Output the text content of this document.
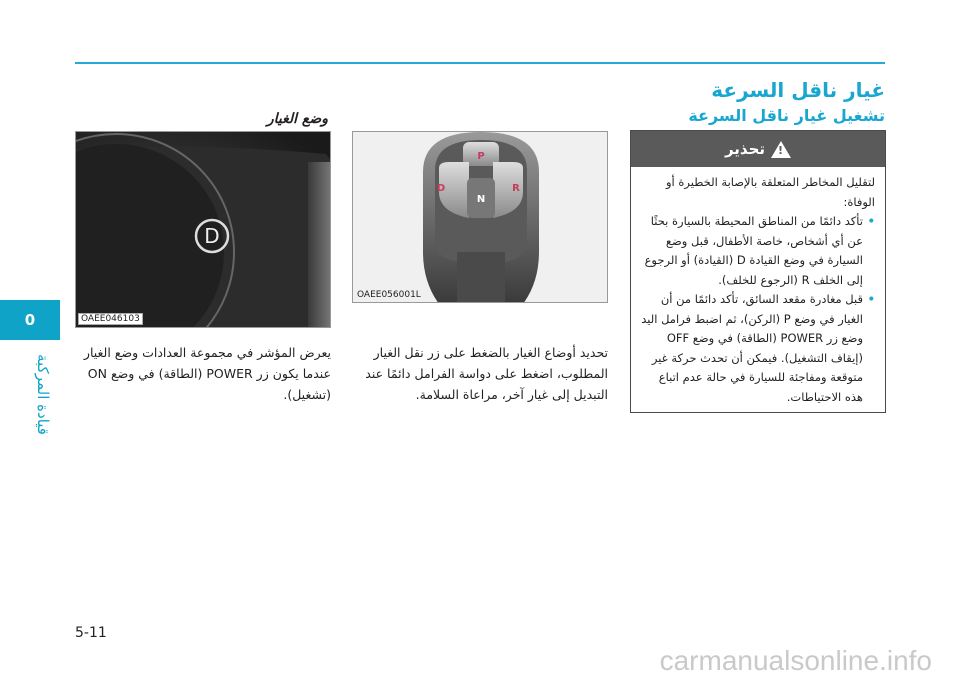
0
قيادة المركبة
غيار ناقل السرعة
تشغيل غيار ناقل السرعة
!
تحذير

لتقليل المخاطر المتعلقة بالإصابة الخطيرة أو الوفاة:

• تأكد دائمًا من المناطق المحيطة بالسيارة بحثًا عن أي أشخاص، خاصة الأطفال، قبل وضع السيارة في وضع القيادة D (القيادة) أو الرجوع إلى الخلف R (الرجوع للخلف).
• قبل مغادرة مقعد السائق، تأكد دائمًا من أن الغيار في وضع P (الركن)، ثم اضبط فرامل اليد وضع زر POWER (الطاقة) في وضع OFF (إيقاف التشغيل). فيمكن أن تحدث حركة غير متوقعة ومفاجئة للسيارة في حالة عدم اتباع هذه الاحتياطات.
وضع الغيار
D
OAEE046103
P
D
N
R
OAEE056001L

يعرض المؤشر في مجموعة العدادات وضع الغيار عندما يكون زر POWER (الطاقة) في وضع ON (تشغيل).

تحديد أوضاع الغيار بالضغط على زر نقل الغيار المطلوب، اضغط على دواسة الفرامل دائمًا عند التبديل إلى غيار آخر، مراعاة السلامة.

5-11
carmanualsonline.info
